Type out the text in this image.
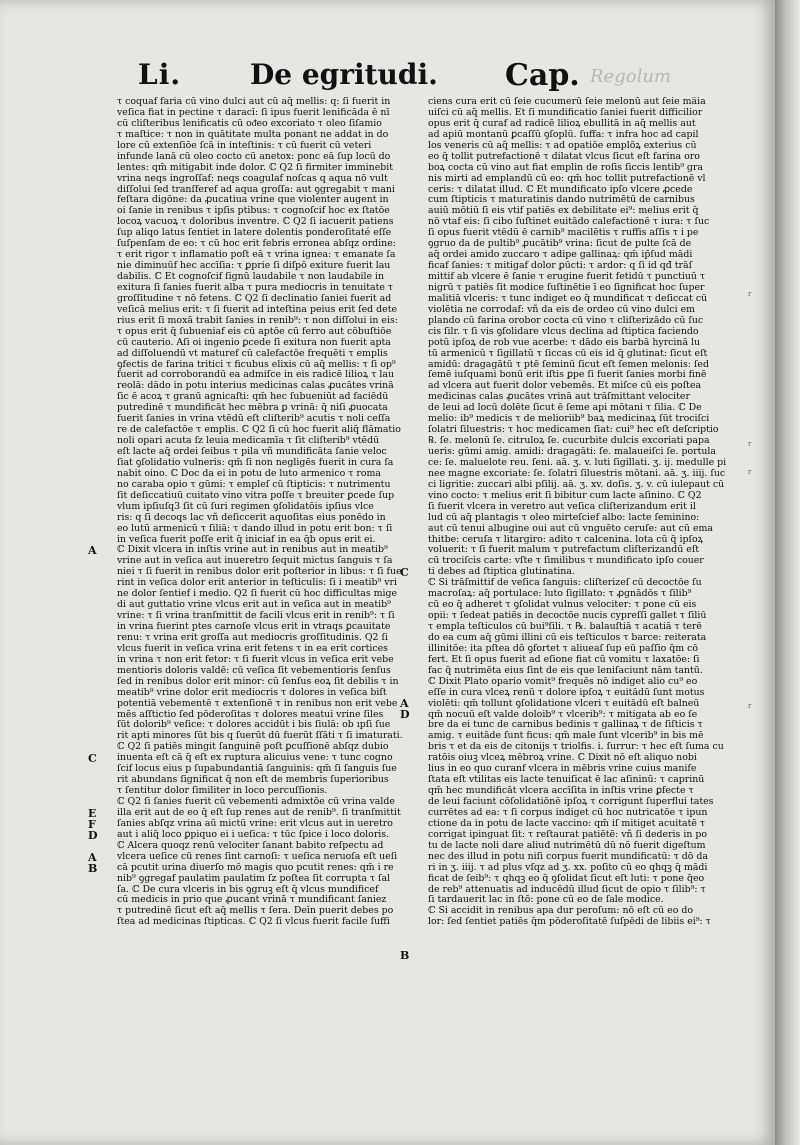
Li. De egritudi. Cap. Regolum
τ coquaf faria cū vino dulci aut cū aq̄ mellis: q: ſi fuerit in
veſica fiat in pectine τ daracī: ſi ipus fuerit lenificāda ē nī
cū cliſteribus lenificatis cū oᵭeo excoriato τ oleo ſiſamio
τ maſtice: τ non in quātitate multa ponant ne addat in do
lore cū extenſiōe ſcā in inteſtinis: τ cū fuerit cū veteri
infunde lanā cū oleo cocto cū anetox: ponc eā ſup locū do
lentes: qm̄ mitigabit inde dolor. ℂ Q2 ſi firmiter imminebit
vrina neqs ingroſſaf: neqs coagulaf noſcas q aqua nō vult
diſſolui ſed tranſferef ad aqua groſſa: aut ꝯgregabit τ mani
feſtara digōne: da ꝓucatiua vrine que violenter augent in
oi ſanie in renibus τ ipſis ptibus: τ cognoſcif hoc ex ſtatōe
locoꝝ vacuoꝝ τ doloribus inventre. ℂ Q2 ſi iacuerit patiens
ſup aliqo latus ſentiet in latere dolentis ponderoſitaté eſſe
ſuſpenſam de eo: τ cū hoc erit febris erronea abſqz ordine:
τ erit rigor τ inflamatio poſt eā τ vrina ignea: τ emanate ſa
nie diminuūf hec accīſia: τ ꝑprie ſi diſpō exiture fuerit lau
dabilis. ℂ Et cognoſcif ſignū laudabile τ non laudabile in
exitura ſi ſanies fuerit alba τ pura mediocris in tenuitate τ
groſſitudine τ nō fetens. ℂ Q2 ſi declinatio ſaniei fuerit ad
veſicā melius erit: τ ſi fuerit ad inteſtina peius erit ſed dete
rius erit ſi moxā trabit ſanies in renib⁹: τ non diſſolui in eis:
τ opus erit q̄ ſubueniaf eis cū aptōe cū ferro aut cōbuſtiōe
cū cauterio. Aſi oi ingenio ꝑcede ſi exitura non fuerit apta
ad diſſoluendū vt maturef cū calefactōe frequēti τ emplis
ꝯfectis de farina tritici τ ficubus elixis cū aq̄ mellis: τ ſi op⁹
fuerit ad corroborandū ea admiſce in eis radicē lilioꝝ τ lau
reolā: dādo in potu interius medicinas calas ꝓucātes vrinā
ſic ē acoꝝ τ granū agnicaſti: qm̄ hec ſubueniūt ad faciēdū
putredinē τ mundificāt hec mēbra ꝑ vrinā: q̄ niſi ꝓuocata
fuerit ſanies in vrina vtēdū eſt cliſterib⁹ acutis τ noli ceſſa
re de calefactōe τ emplis. ℂ Q2 ſi cū hoc fuerit aliq̄ flāmatio
noli opari acuta ſz leuia medicamīa τ ſit cliſterib⁹ vtēdū
eſt lacte aq̄ ordei ſeibus τ pila vñ mundificāta ſanie veloc
ſiat ꝯſolidatio vulneris: qm̄ ſi non negligēs fuerit in cura ſa
nabit oino. ℂ Doc da ei in potu de luto armenico τ roma
no caraba opio τ gūmi: τ empleſ cū ſtipticis: τ nutrimentu
ſit deſiccatiuū cuitato vino vitra poſſe τ breuiter ꝑcede ſup
vlum ipſiuſq3 ſit cū ſuri regimen ꝯſolidatōis ipſius vlce
ris: q ſi decoqs lac vñ deſiccerit aquoſitas eius ponēdo in
eo lutū armenicū τ ſiliā: τ dando illud in potu erit bon: τ ſi
in veſica fuerit poſſe erit q̄ iniciaf in ea q̄b opus erit ei.
ℂ Dixit vlcera in inſtis vrine aut in renibus aut in meatib⁹
vrine aut in veſica aut inueretro ſequit mictus ſanguis τ ſa
niei τ ſi fuerit in renibus dolor erit poſterior in libus: τ ſi fue
rint in veſica dolor erit anterior in teſticulis: ſi i meatib⁹ vri
ne dolor ſentief i medio. Q2 ſi fuerit cū hoc difficultas mige
di aut guttatio vrine vlcus erit aut in veſica aut in meatib⁹
vrine: τ ſi vrina tranſmittit de facili vlcus erit in renib⁹: τ ſi
in vrina fuerint ptes carnoſe vlcus erit in vtraqs ꝑcauitate
renu: τ vrina erit groſſa aut mediocris groſſitudinis. Q2 ſi
vlcus fuerit in veſica vrina erit fetens τ in ea erit cortices
in vrina τ non erit fetor: τ ſi fuerit vlcus in veſica erit vebe
mentioris doloris valdē: cū veſica ſit vebementioris ſenſus
ſed in renibus dolor erit minor: cū ſenſus eoꝝ ſit debilis τ in
meatib⁹ vrine dolor erit mediocris τ dolores in veſica biſt
potentiā vebementē τ extenſionē τ in renibus non erit vebe
mēs aſſtictio ſed pōderoſitas τ dolores meatui vrine ſiles
ſūt dolorib⁹ veſice: τ dolores accidūt i bis ſiulā: ob ıpſi ſue
rit apti minores ſūt bis q ſuerūt dū fuerūt ſſāti τ ſi imaturati.
ℂ Q2 ſi patiēs mingit ſanguinē poſt ꝑcuſſionē abſqz dubio
inuenta eſt cā q̄ eſt ex ruptura alicuius vene: τ tunc cogno
ſcif locus eius p ſupabundantiā ſanguinis: qm̄ ſi ſanguis ſue
rit abundans ſignificat q̄ non eſt de membris ſuperioribus
τ ſentitur dolor ſimiliter in loco percuſſionis.
ℂ Q2 ſi ſanies fuerit cū vebementi admixtōe cū vrina valde
illa erit aut de eo q̄ eſt ſup renes aut de renib⁹. ſi tranſmittit
ſanies abſqz vrina aū mictū vrine: erit vlcus aut in ueretro
aut i aliq̄ loco ꝑpiquo ei i ueſica: τ tūc ſpice i loco doloris.
ℂ Alcera quoqz renū velociter ſanant babito reſpectu ad
vlcera ueſice cū renes ſint carnoſi: τ ueſica neruoſa eſt ueſi
cā pcutit urina diuerſo mō magis quo pcutit renes: qm̄ i re
nib⁹ ꝯgregaf paulatim paulatim ſz poſtea ſit corrupta τ ſal
ſa. ℂ De cura vlceris in bis ꝯgruꝫ eſt q̄ vlcus mundificef
cū medicis in prio que ꝓucant vrinā τ mundificant ſaniez
τ putredinē ſicut eſt aq̄ mellis τ ſera. Deīn puerit debes po
ſtea ad medicinas ſtipticas. ℂ Q2 ſi vlcus fuerit facile ſuffi
ciens cura erit cū ſeie cucumerū ſeie melonū aut ſeie ma̅ia
uiſci cū aq̄ mellis. Et ſi mundificatio ſaniei fuerit difficilior
opus erit q̄ curaf ad radicē lilioꝝ ebullitā in aq̄ mellis aut
ad apiū montanū ꝑcaſſū ꝯſoplū. ſuffa: τ infra hoc ad capil
los veneris cū aq̄ mellis: τ ad opatiōe emplōꝝ exterius cū
eo q̄ tollit putrefactionē τ dilatat vlcus ſicut eſt farina oro
boꝝ cocta cū vino aut fiat emplin de roſis ſiccis lentib⁹ gra
nis mirti ad emplandū cū eo: qm̄ hoc tollit putrefactionē vl
ceris: τ dilatat illud. ℂ Et mundificato ipſo vlcere ꝓcede
cum ſtipticis τ maturatinis dando nutrimētū de carnibus
auiū mōtiū ſi eis vtif patiēs ex debilitate ei⁹: melius erit q̄
nō vtaf eis: ſi cibo ſuſtinet euitādo calefactionē τ iura: τ ſuc
ſi opus fuerit vtēdū ē carnib⁹ macilētis τ ruffis aſſis τ i pe
ꝯgruo da de pultib⁹ ꝓucātib⁹ vrina: ſicut de pulte ſcā de
aq̄ ordei amido zuccaro τ adipe gallinaꝝ: qm̄ ip̄ſud mādi
ficaf ſanies: τ mitigaf dolor ꝑūcti: τ ardor: q ſi id qđ trāſ
mittif ab vlcere ē ſanie τ erugine fuerit fetidū τ punctiuū τ
nigrū τ patiēs ſit modice ſuſtinētie ī eo ſignificat hoc ſuper
malitiā vlceris: τ tunc indiget eo q̄ mundificat τ deſiccat cū
violētia ne corrodaf: vñ da eis de ordeo cū vino dulci em
plando cū farina orobor cocta cū vino τ cliſterizādo cū ſuc
cis ſilr. τ ſi vis ꝯſolidare vlcus declina ad ſtiptica faciendo
potū ipſoꝝ de rob vue acerbe: τ dādo eis barbā hyrcinā lu
tū armenicū τ ſigillatū τ ſiccas cū eis id q̄ glutinat: ſicut eſt
amidū: dragagātū τ ptē ſeminū ſicut eſt ſemen melonis: ſed
ſemē iuſquami bonū erit iſtis ꝑpe ſi fuerit ſanies morbi finē
ad vlcera aut fuerit dolor vebemēs. Et miſce cū eis poſtea
medicinas calas ꝓucātes vrinā aut trāſmittant velociter
de leui ad locū dolēte ſicut ē ſeme api mōtani τ ſilia. ℂ De
melio: ib⁹ medicis τ de melioriib⁹ baꝝ medicinaꝝ ſūt trociſci
ſolatri ſiluestris: τ hoc medicamen ſiat: cui⁹ hec eſt deſcriptio
℞. ſe. melonū ſe. citruloꝝ ſe. cucurbite dulcis excoriati papa
ueris: gūmi amig. amidi: dragagāti: ſe. malaueiſci ſe. portula
ce: ſe. maluelote reu. ſeni. aā. ʒ. v. luti ſigillati. ʒ. ij. medulle pi
nee magne excoriate: ſe. ſolatri ſiluestris mōtani. aā. ʒ. iiij. ſuc
ci ligritie: zuccari albi pſilij. aā. ʒ. xv. doſis. ʒ. v. cū iulepaut cū
vino cocto: τ melius erit ſi bibitur cum lacte aſinino. ℂ Q2
ſi fuerit vlcera in veretro aut veſica cliſterizandum erit il
lud cū aq̄ plantagis τ oleo mirteſcief albo: lacte ſeminino:
aut cū tenui albugine oui aut cū vnguēto ceruſe: aut cū ema
thitbe: ceruſa τ litargiro: adito τ calcenina. lota cū q̄ ipſoꝝ
voluerit: τ ſi fuerit malum τ putrefactum cliſterizandū eſt
cū trociſcis carte: vſte τ ſimilibus τ mundificato ipſo couer
ti debes ad ſtiptica glutinatina.
ℂ Si trāſmittif de veſica ſanguis: cliſterizeſ cū decoctōe ſu
macroſaꝝ: aq̄ portulace: luto ſigillato: τ ꝓgnādōs τ ſilib⁹
cū eo q̄ adheret τ ꝯſolidat vulnus velociter: τ pone cū eis
opii: τ ſedeat patiēs in decoctōe nucis cypreſſi gallet τ ſiliū
τ empla teſticulos cū bui⁹ſili. τ ℞. balauſtiā τ acatiā τ terē
do ea cum aq̄ gūmi illini cū eis teſticulos τ barce: reiterata
illinitōe: ita pſtea dō ꝯfortet τ aliueaſ ſup eū paſſio q̄m cō
fert. Et ſi opus fuerit ad eſione fiat cū vomitu τ laxatōe: ſi
fac q̄ nutrimēta eius ſint de eis que leniſaciunt nām tantū.
ℂ Dixit Plato opario vomit⁹ frequēs nō indiget alio cu⁹ eo
eſſe in cura vlceꝝ renū τ dolore ipſoꝝ τ euitādū ſunt motus
violēti: qm̄ tollunt ꝯſolidatione vlceri τ euitādū eſt balneū
qm̄ nocuū eſt valde doloib⁹ τ vlcerib⁹: τ mitigata ab eo ſe
bre da ei tunc de carnibus bedinis τ gallinaꝝ τ de ſiſticis τ
amig. τ euitāde ſunt ficus: qm̄ male ſunt vlcerib⁹ in bis mē
bris τ et da eis de citonijs τ triolfis. i. ſurrur: τ hec eſt ſuma cu
ratōis oiuꝫ vlceꝝ mēbroꝝ vrine. ℂ Dixit nō eſt aliquo nobi
lius in eo quo curanf vlcera in mēbris vrine cuius manife
ſtata eſt vtilitas eis lacte tenuiſicat ē lac aſininū: τ caprinū
qm̄ hec mundificāt vlcera accīſita in inſtis vrine ꝑfecte τ
de leui faciunt cōſolidatiōnē ipſoꝝ τ corrigunt ſuperflui tates
currētes ad ea: τ ſi corpus indiget cū hoc nutricatōe τ ipun
ctione da in potu de lacte vaccino: qm̄ iſ mitiget acuitatē τ
corrigat ipinguat ſit: τ reſtaurat patiētē: vñ ſi dederis in po
tu de lacte noli dare aliud nutrimētū dū nō fuerit digeſtum
nec des illud in potu niſi corpus fuerit mundificatū: τ dō da
ri in ʒ. iiij. τ ad plus vſqz ad ʒ. xx. poſito cū eo qhqꝫ q̄ mādi
ficat de ſeib⁹: τ qhqꝫ eo q̄ ꝯſolidat ſicut eſt luti: τ pone q̄eo
de reb⁹ attenuatis ad inducēdū illud ſicut de opio τ ſilib⁹: τ
ſi tardauerit lac in ſtō: pone cū eo de ſale modice.
ℂ Si accidit in renibus apa dur peroſum: nō eſt cū eo do
lor: ſed ſentiet patiēs q̄m pōderoſitatē ſuſpēdi de libiis ei⁹: τ
A
C
E
F
D
A
B
C
A
D
B
r
r
r
r
